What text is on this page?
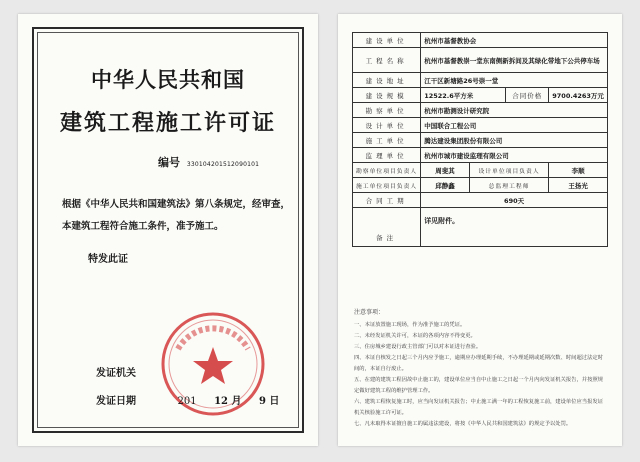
中华人民共和国
建筑工程施工许可证
编号 330104201512090101
根据《中华人民共和国建筑法》第八条规定，经审查，
本建筑工程符合施工条件，准予施工。
特发此证
发证机关
发证日期	201 12 月 9 日
建设单位	杭州市基督教协会			
工程名称	杭州市基督教崇一堂东南侧新拆间及其绿化带地下公共停车场			
建设地址	江干区新塘路26号崇一堂			
建设规模	12522.6平方米		合同价格	9700.4263万元
勘察单位	杭州市勘测设计研究院			
设计单位	中国联合工程公司			
施工单位	腾达建设集团股份有限公司			
监理单位	杭州市城市建设监理有限公司			
勘察单位项目负责人	周斐其	设计单位项目负责人		李顺
施工单位项目负责人	邱静鑫	总监理工程师		王扬光
合同工期	690天			
备注	详见附件。			
注意事项：
一、本证放置施工现场，作为准予施工的凭证。
二、未经发证机关许可，本证的各项内容不得变更。
三、住房城乡建设行政主管部门可以对本证进行查验。
四、本证自核发之日起三个月内应予施工，逾期应办理延期手续，不办理延期或延期次数、时间超过法定时间的，本证自行废止。
五、在建的建筑工程因故中止施工的，建设单位应当自中止施工之日起一个月内向发证机关报告，并按照规定做好建筑工程的维护管理工作。
六、建筑工程恢复施工时，应当向发证机关报告；中止施工满一年的工程恢复施工前，建设单位应当报发证机关核验施工许可证。
七、凡未取得本证擅自施工的属违法建设，将按《中华人民共和国建筑法》的规定予以处罚。
